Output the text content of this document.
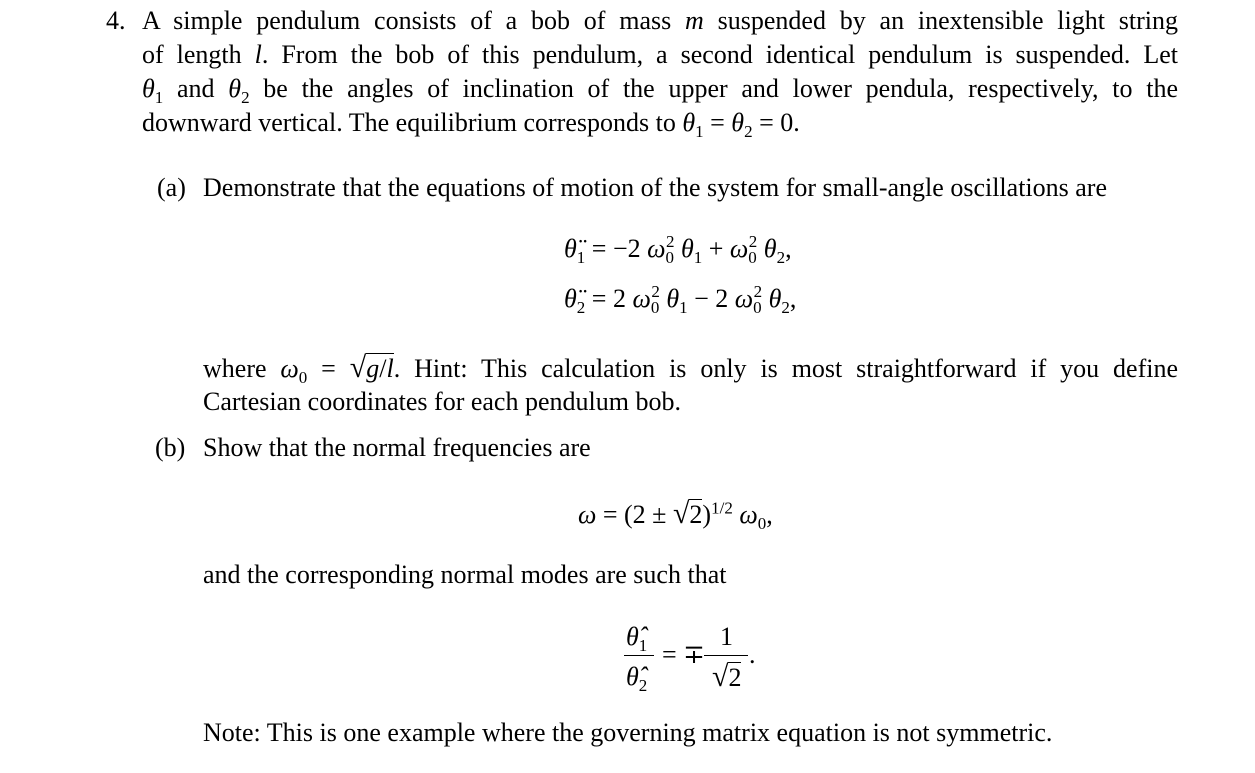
4. A simple pendulum consists of a bob of mass m suspended by an inextensible light string
of length l. From the bob of this pendulum, a second identical pendulum is suspended. Let
$\theta_1$ and $\theta_2$ be the angles of inclination of the upper and lower pendula, respectively, to the
downward vertical. The equilibrium corresponds to $\theta_1 = \theta_2 = 0$.
(a) Demonstrate that the equations of motion of the system for small-angle oscillations are
$\thetä_1 = -2$ $\omega_0^2$ $\theta_1 + \omega_0^2$ $\theta_2$,
$\thetä_2 = 2$ $\omega_0^2$ $\theta_1 - 2$ $\omega_0^2$ $\theta_2$,
where $\omega_0 = √g/l$. Hint: This calculation is only is most straightforward if you define
Cartesian coordinates for each pendulum bob.
(b) Show that the normal frequencies are
$\omega = (2 \pm √2)^{1/2}$ $\omega_0$,
and the corresponding normal modes are such that
$\thetâ_1$
$\thetâ_2$
= ∓
1
√2
.
Note: This is one example where the governing matrix equation is not symmetric.
